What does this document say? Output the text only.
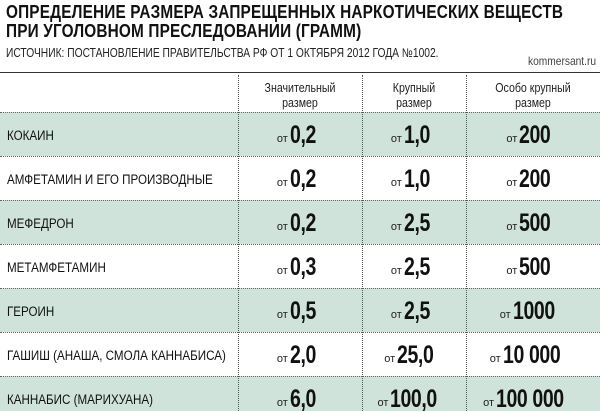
ОПРЕДЕЛЕНИЕ РАЗМЕРА ЗАПРЕЩЕННЫХ НАРКОТИЧЕСКИХ ВЕЩЕСТВ
ПРИ УГОЛОВНОМ ПРЕСЛЕДОВАНИИ (ГРАММ)
ИСТОЧНИК: ПОСТАНОВЛЕНИЕ ПРАВИТЕЛЬСТВА РФ ОТ 1 ОКТЯБРЯ 2012 ГОДА №1002.
kommersant.ru
Значительный
размер
Крупный
размер
Особо крупный
размер
КОКАИН	от 0,2	от 1,0	от 200
АМФЕТАМИН И ЕГО ПРОИЗВОДНЫЕ	от 0,2	от 1,0	от 200
МЕФЕДРОН	от 0,2	от 2,5	от 500
МЕТАМФЕТАМИН	от 0,3	от 2,5	от 500
ГЕРОИН	от 0,5	от 2,5	от 1000
ГАШИШ (АНАША, СМОЛА КАННАБИСА)	от 2,0	от 25,0	от 10 000
КАННАБИС (МАРИХУАНА)	от 6,0	от 100,0	от 100 000
